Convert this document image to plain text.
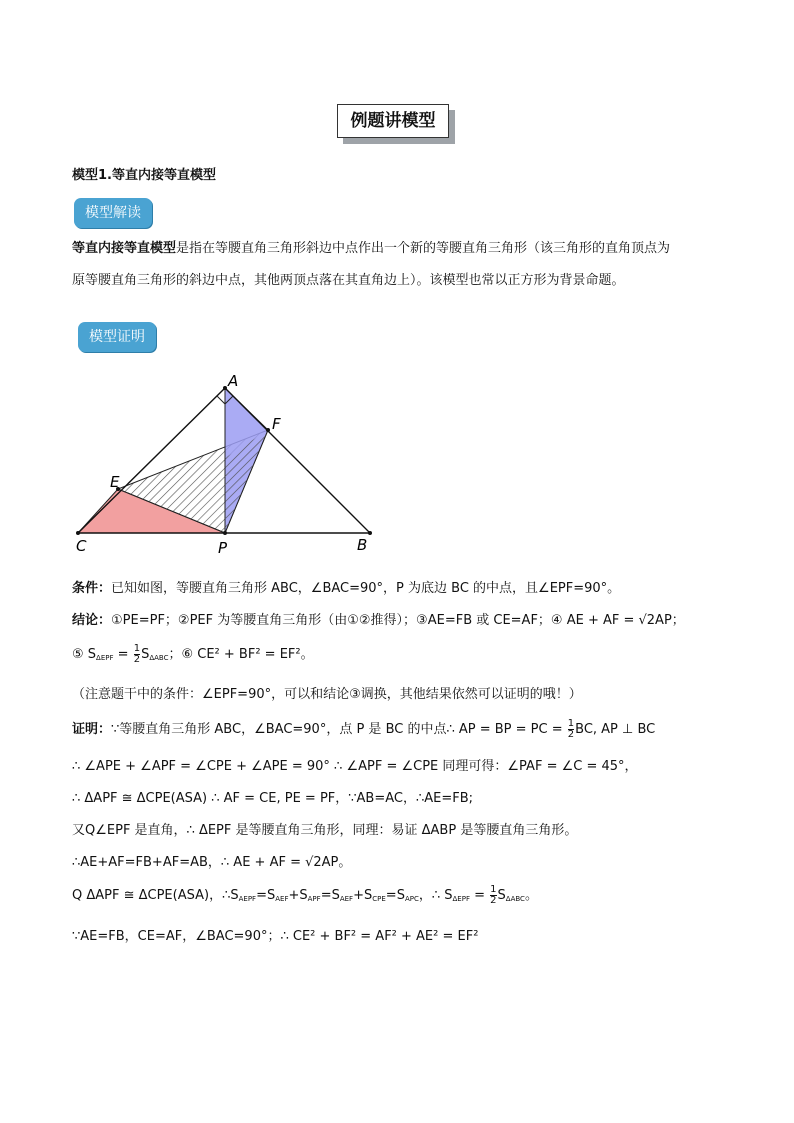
例题讲模型
模型1.等直内接等直模型
模型解读
等直内接等直模型是指在等腰直角三角形斜边中点作出一个新的等腰直角三角形（该三角形的直角顶点为
原等腰直角三角形的斜边中点，其他两顶点落在其直角边上）。该模型也常以正方形为背景命题。
模型证明
A
F
E
C	P	B
条件：已知如图，等腰直角三角形 ABC，∠BAC=90°，P 为底边 BC 的中点，且∠EPF=90°。
结论：①PE=PF；②PEF 为等腰直角三角形（由①②推得）；③AE=FB 或 CE=AF；④ AE + AF = √2AP；
⑤ $S_{\Delta EPF} = \frac{1}{2} S_{\Delta ABC}$；⑥ CE² + BF² = EF²。
（注意题干中的条件：∠EPF=90°，可以和结论③调换，其他结果依然可以证明的哦！）
证明：∵等腰直角三角形 ABC，∠BAC=90°，点 P 是 BC 的中点∴ AP = BP = PC = $\frac{1}{2}$ BC, AP ⊥ BC
∴ ∠APE + ∠APF = ∠CPE + ∠APE = 90° ∴ ∠APF = ∠CPE 同理可得：∠PAF = ∠C = 45°，
∴ ΔAPF ≅ ΔCPE(ASA) ∴ AF = CE, PE = PF，∵AB=AC，∴AE=FB;
又Q∠EPF 是直角，∴ ΔEPF 是等腰直角三角形，同理：易证 ΔABP 是等腰直角三角形。
∴AE+AF=FB+AF=AB，∴ AE + AF = √2AP。
Q ΔAPF ≅ ΔCPE(ASA)，$\therefore S_{AEPF}=S_{AEF}+S_{APF}=S_{AEF}+S_{CPE}=S_{APC}$，∴ $S_{\Delta EPF} = \frac{1}{2} S_{\Delta ABC}$。
∵AE=FB，CE=AF，∠BAC=90°；∴ CE² + BF² = AF² + AE² = EF²
